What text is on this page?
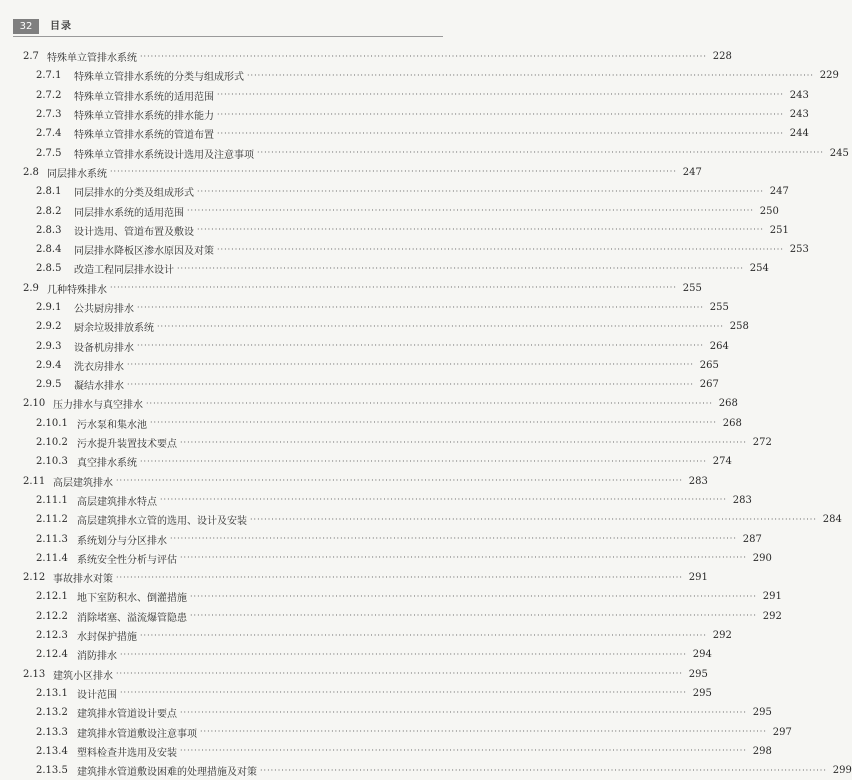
32	目录
2.7 特殊单立管排水系统 ································································································································································ 228
2.7.1	特殊单立管排水系统的分类与组成形式 ································································································································································ 229
2.7.2	特殊单立管排水系统的适用范围 ································································································································································ 243
2.7.3	特殊单立管排水系统的排水能力 ································································································································································ 243
2.7.4	特殊单立管排水系统的管道布置 ································································································································································ 244
2.7.5	特殊单立管排水系统设计选用及注意事项 ································································································································································ 245
2.8 同层排水系统 ································································································································································ 247
2.8.1	同层排水的分类及组成形式 ································································································································································ 247
2.8.2	同层排水系统的适用范围 ································································································································································ 250
2.8.3	设计选用、管道布置及敷设 ································································································································································ 251
2.8.4	同层排水降板区渗水原因及对策 ································································································································································ 253
2.8.5	改造工程同层排水设计 ································································································································································ 254
2.9 几种特殊排水 ································································································································································ 255
2.9.1	公共厨房排水 ································································································································································ 255
2.9.2	厨余垃圾排放系统 ································································································································································ 258
2.9.3	设备机房排水 ································································································································································ 264
2.9.4	洗衣房排水 ································································································································································ 265
2.9.5	凝结水排水 ································································································································································ 267
2.10 压力排水与真空排水 ································································································································································ 268
2.10.1 污水泵和集水池 ································································································································································ 268
2.10.2 污水提升装置技术要点 ································································································································································ 272
2.10.3 真空排水系统 ································································································································································ 274
2.11 高层建筑排水 ································································································································································ 283
2.11.1 高层建筑排水特点 ································································································································································ 283
2.11.2 高层建筑排水立管的选用、设计及安装 ································································································································································ 284
2.11.3 系统划分与分区排水 ································································································································································ 287
2.11.4 系统安全性分析与评估 ································································································································································ 290
2.12 事故排水对策 ································································································································································ 291
2.12.1 地下室防积水、倒灌措施 ································································································································································ 291
2.12.2 消除堵塞、溢流爆管隐患 ································································································································································ 292
2.12.3 水封保护措施 ································································································································································ 292
2.12.4 消防排水 ································································································································································ 294
2.13 建筑小区排水 ································································································································································ 295
2.13.1 设计范围 ································································································································································ 295
2.13.2 建筑排水管道设计要点 ································································································································································ 295
2.13.3 建筑排水管道敷设注意事项 ································································································································································ 297
2.13.4 塑料检查井选用及安装 ································································································································································ 298
2.13.5 建筑排水管道敷设困难的处理措施及对策 ································································································································································ 299
